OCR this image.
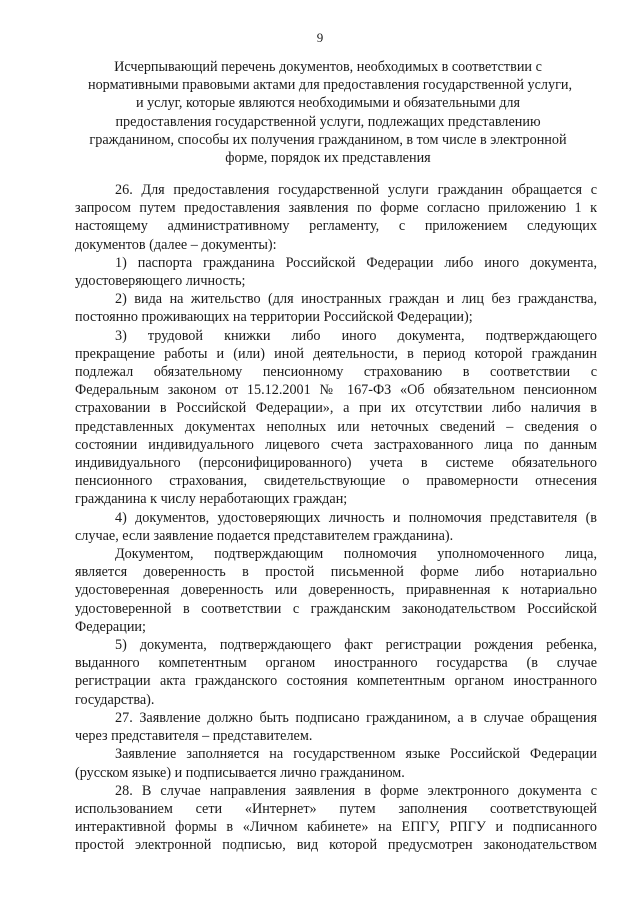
9
Исчерпывающий перечень документов, необходимых в соответствии с
нормативными правовыми актами для предоставления государственной услуги,
и услуг, которые являются необходимыми и обязательными для
предоставления государственной услуги, подлежащих представлению
гражданином, способы их получения гражданином, в том числе в электронной
форме, порядок их представления
26. Для предоставления государственной услуги гражданин обращается с
запросом путем предоставления заявления по форме согласно приложению 1 к
настоящему административному регламенту, с приложением следующих
документов (далее – документы):
1) паспорта гражданина Российской Федерации либо иного документа,
удостоверяющего личность;
2) вида на жительство (для иностранных граждан и лиц без гражданства,
постоянно проживающих на территории Российской Федерации);
3) трудовой книжки либо иного документа, подтверждающего
прекращение работы и (или) иной деятельности, в период которой гражданин
подлежал обязательному пенсионному страхованию в соответствии с
Федеральным законом от 15.12.2001 № 167-ФЗ «Об обязательном пенсионном
страховании в Российской Федерации», а при их отсутствии либо наличия в
представленных документах неполных или неточных сведений – сведения о
состоянии индивидуального лицевого счета застрахованного лица по данным
индивидуального (персонифицированного) учета в системе обязательного
пенсионного страхования, свидетельствующие о правомерности отнесения
гражданина к числу неработающих граждан;
4) документов, удостоверяющих личность и полномочия представителя (в
случае, если заявление подается представителем гражданина).
Документом, подтверждающим полномочия уполномоченного лица,
является доверенность в простой письменной форме либо нотариально
удостоверенная доверенность или доверенность, приравненная к нотариально
удостоверенной в соответствии с гражданским законодательством Российской
Федерации;
5) документа, подтверждающего факт регистрации рождения ребенка,
выданного компетентным органом иностранного государства (в случае
регистрации акта гражданского состояния компетентным органом иностранного
государства).
27. Заявление должно быть подписано гражданином, а в случае обращения
через представителя – представителем.
Заявление заполняется на государственном языке Российской Федерации
(русском языке) и подписывается лично гражданином.
28. В случае направления заявления в форме электронного документа с
использованием сети «Интернет» путем заполнения соответствующей
интерактивной формы в «Личном кабинете» на ЕПГУ, РПГУ и подписанного
простой электронной подписью, вид которой предусмотрен законодательством
